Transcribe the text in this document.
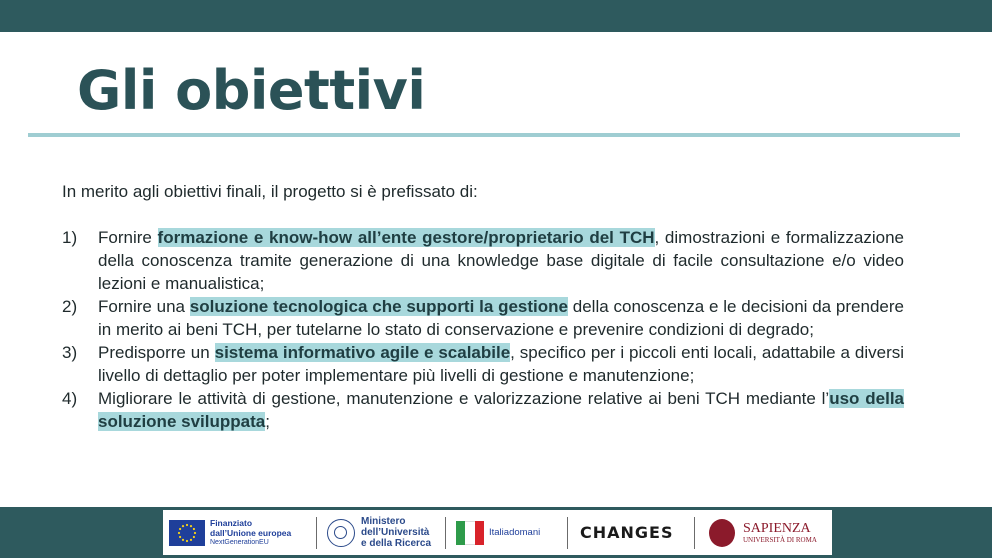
Gli obiettivi

In merito agli obiettivi finali, il progetto si è prefissato di:

1) Fornire formazione e know-how all’ente gestore/proprietario del TCH, dimostrazioni e formalizzazione della conoscenza tramite generazione di una knowledge base digitale di facile consultazione e/o video lezioni e manualistica;
2) Fornire una soluzione tecnologica che supporti la gestione della conoscenza e le decisioni da prendere in merito ai beni TCH, per tutelarne lo stato di conservazione e prevenire condizioni di degrado;
3) Predisporre un sistema informativo agile e scalabile, specifico per i piccoli enti locali, adattabile a diversi livello di dettaglio per poter implementare più livelli di gestione e manutenzione;
4) Migliorare le attività di gestione, manutenzione e valorizzazione relative ai beni TCH mediante l’uso della soluzione sviluppata;
Finanziato
dall’Unione europea
NextGenerationEU
Ministero
dell’Università
e della Ricerca
Italiadomani	CHANGES	SAPIENZA
UNIVERSITÀ DI ROMA
